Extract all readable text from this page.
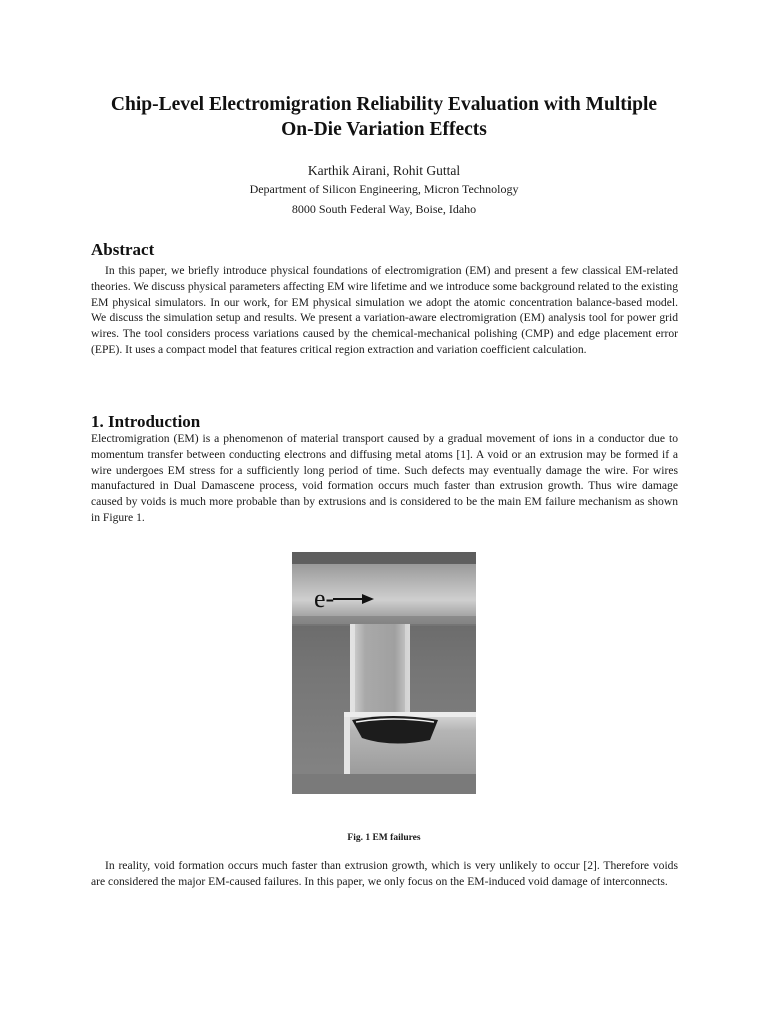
Chip-Level Electromigration Reliability Evaluation with Multiple
On-Die Variation Effects
Karthik Airani, Rohit Guttal
Department of Silicon Engineering, Micron Technology
8000 South Federal Way, Boise, Idaho
Abstract

In this paper, we briefly introduce physical foundations of electromigration (EM) and present a few classical EM-related theories. We discuss physical parameters affecting EM wire lifetime and we introduce some background related to the existing EM physical simulators. In our work, for EM physical simulation we adopt the atomic concentration balance-based model. We discuss the simulation setup and results. We present a variation-aware electromigration (EM) analysis tool for power grid wires. The tool considers process variations caused by the chemical-mechanical polishing (CMP) and edge placement error (EPE). It uses a compact model that features critical region extraction and variation coefficient calculation.

1. Introduction

Electromigration (EM) is a phenomenon of material transport caused by a gradual movement of ions in a conductor due to momentum transfer between conducting electrons and diffusing metal atoms [1]. A void or an extrusion may be formed if a wire undergoes EM stress for a sufficiently long period of time. Such defects may eventually damage the wire. For wires manufactured in Dual Damascene process, void formation occurs much faster than extrusion growth. Thus wire damage caused by voids is much more probable than by extrusions and is considered to be the main EM failure mechanism as shown in Figure 1.

e-
Fig. 1 EM failures

In reality, void formation occurs much faster than extrusion growth, which is very unlikely to occur [2]. Therefore voids are considered the major EM-caused failures. In this paper, we only focus on the EM-induced void damage of interconnects.
